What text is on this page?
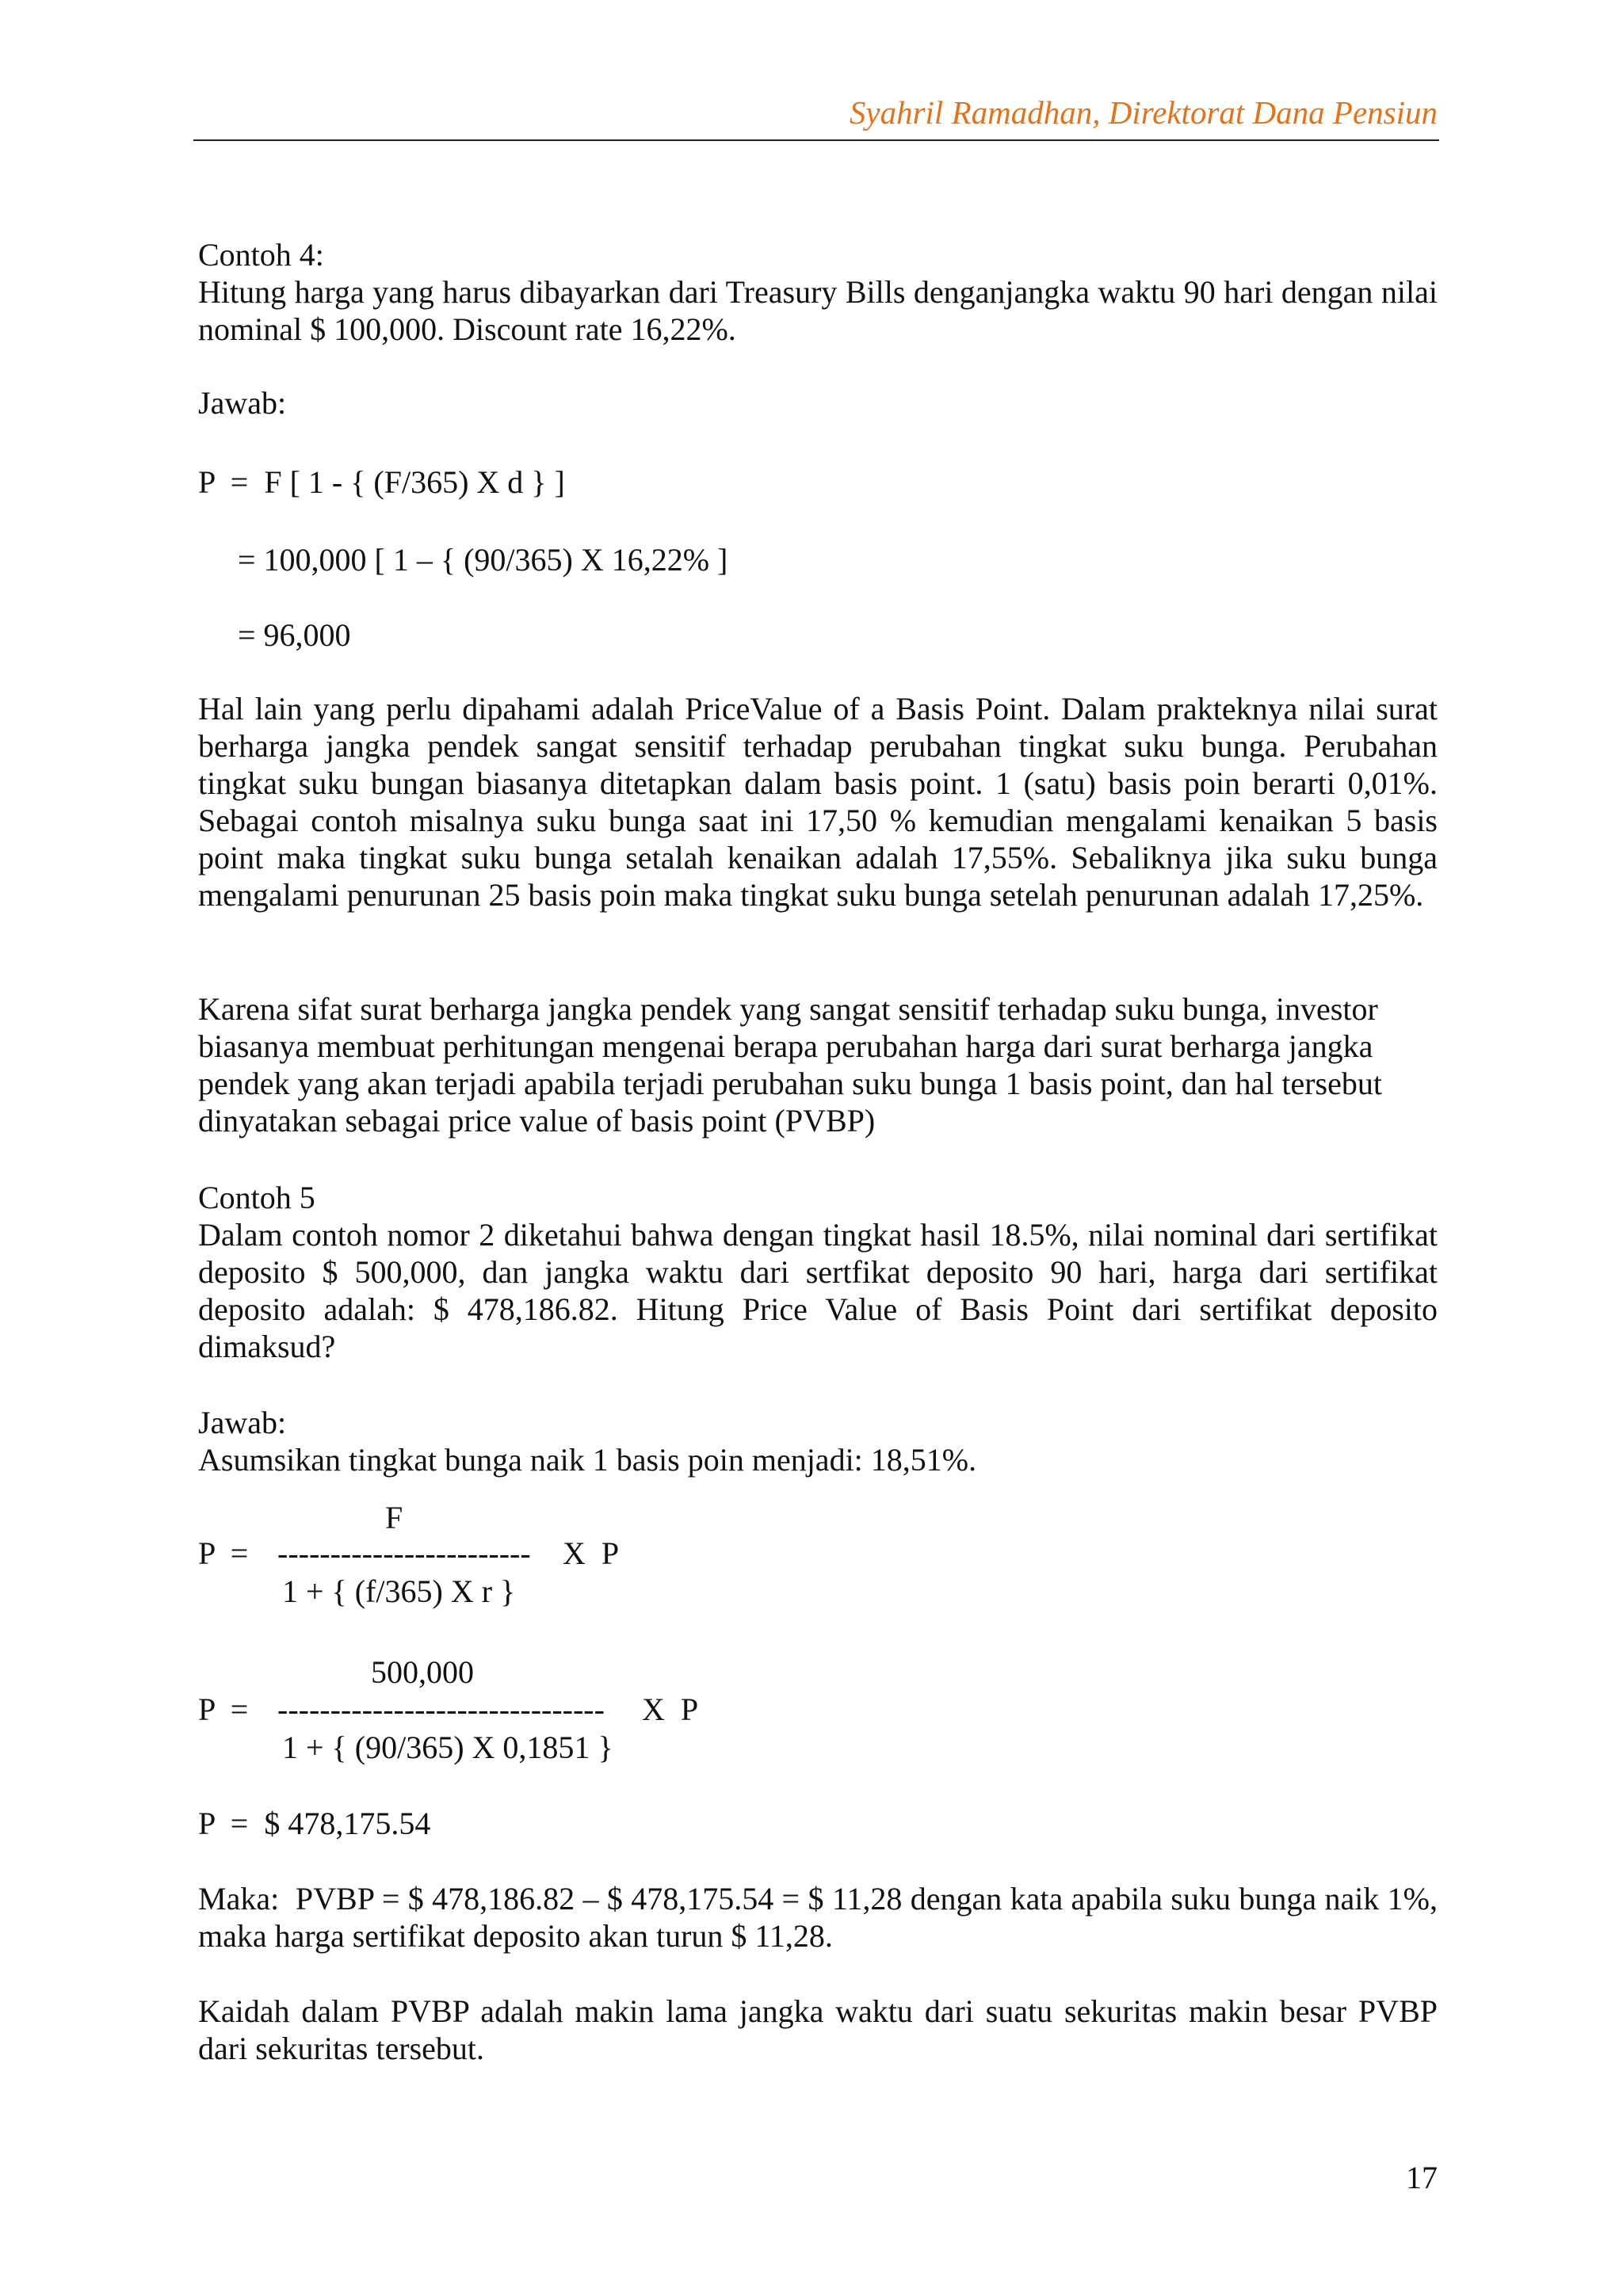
Syahril Ramadhan, Direktorat Dana Pensiun
Contoh 4:
Hitung harga yang harus dibayarkan dari Treasury Bills denganjangka waktu 90 hari dengan nilai nominal $ 100,000. Discount rate 16,22%.
Jawab:
P  =  F [ 1 - { (F/365) X d } ]
= 100,000 [ 1 – { (90/365) X 16,22% ]
= 96,000
Hal lain yang perlu dipahami adalah PriceValue of a Basis Point. Dalam prakteknya nilai surat berharga jangka pendek sangat sensitif terhadap perubahan tingkat suku bunga. Perubahan tingkat suku bungan biasanya ditetapkan dalam basis point. 1 (satu) basis poin berarti 0,01%. Sebagai contoh misalnya suku bunga saat ini 17,50 % kemudian mengalami kenaikan 5 basis point maka tingkat suku bunga setalah kenaikan adalah 17,55%. Sebaliknya jika suku bunga mengalami penurunan 25 basis poin maka tingkat suku bunga setelah penurunan adalah 17,25%.
Karena sifat surat berharga jangka pendek yang sangat sensitif terhadap suku bunga, investor
biasanya membuat perhitungan mengenai berapa perubahan harga dari surat berharga jangka
pendek yang akan terjadi apabila terjadi perubahan suku bunga 1 basis point, dan hal tersebut
dinyatakan sebagai price value of basis point (PVBP)
Contoh 5
Dalam contoh nomor 2 diketahui bahwa dengan tingkat hasil 18.5%, nilai nominal dari sertifikat deposito $ 500,000, dan jangka waktu dari sertfikat deposito 90 hari, harga dari sertifikat deposito adalah: $ 478,186.82. Hitung Price Value of Basis Point dari sertifikat deposito dimaksud?
Jawab:
Asumsikan tingkat bunga naik 1 basis poin menjadi: 18,51%.
F
P  = ------------------------ X  P
1 + { (f/365) X r }
500,000
P  = ------------------------------- X  P
1 + { (90/365) X 0,1851 }
P  =  $ 478,175.54
Maka:  PVBP = $ 478,186.82 – $ 478,175.54 = $ 11,28 dengan kata apabila suku bunga naik 1%, maka harga sertifikat deposito akan turun $ 11,28.
Kaidah dalam PVBP adalah makin lama jangka waktu dari suatu sekuritas makin besar PVBP dari sekuritas tersebut.
17
